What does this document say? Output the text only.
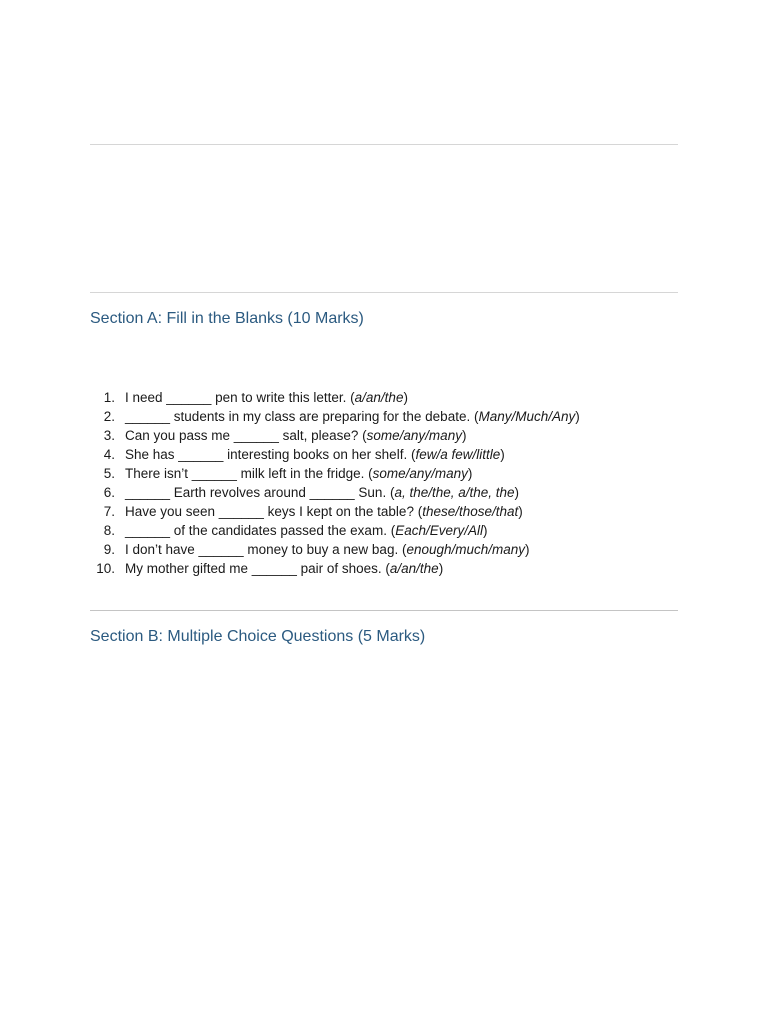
Section A: Fill in the Blanks (10 Marks)
1. I need ______ pen to write this letter. (a/an/the)
2. ______ students in my class are preparing for the debate. (Many/Much/Any)
3. Can you pass me ______ salt, please? (some/any/many)
4. She has ______ interesting books on her shelf. (few/a few/little)
5. There isn’t ______ milk left in the fridge. (some/any/many)
6. ______ Earth revolves around ______ Sun. (a, the/the, a/the, the)
7. Have you seen ______ keys I kept on the table? (these/those/that)
8. ______ of the candidates passed the exam. (Each/Every/All)
9. I don’t have ______ money to buy a new bag. (enough/much/many)
10. My mother gifted me ______ pair of shoes. (a/an/the)
Section B: Multiple Choice Questions (5 Marks)
